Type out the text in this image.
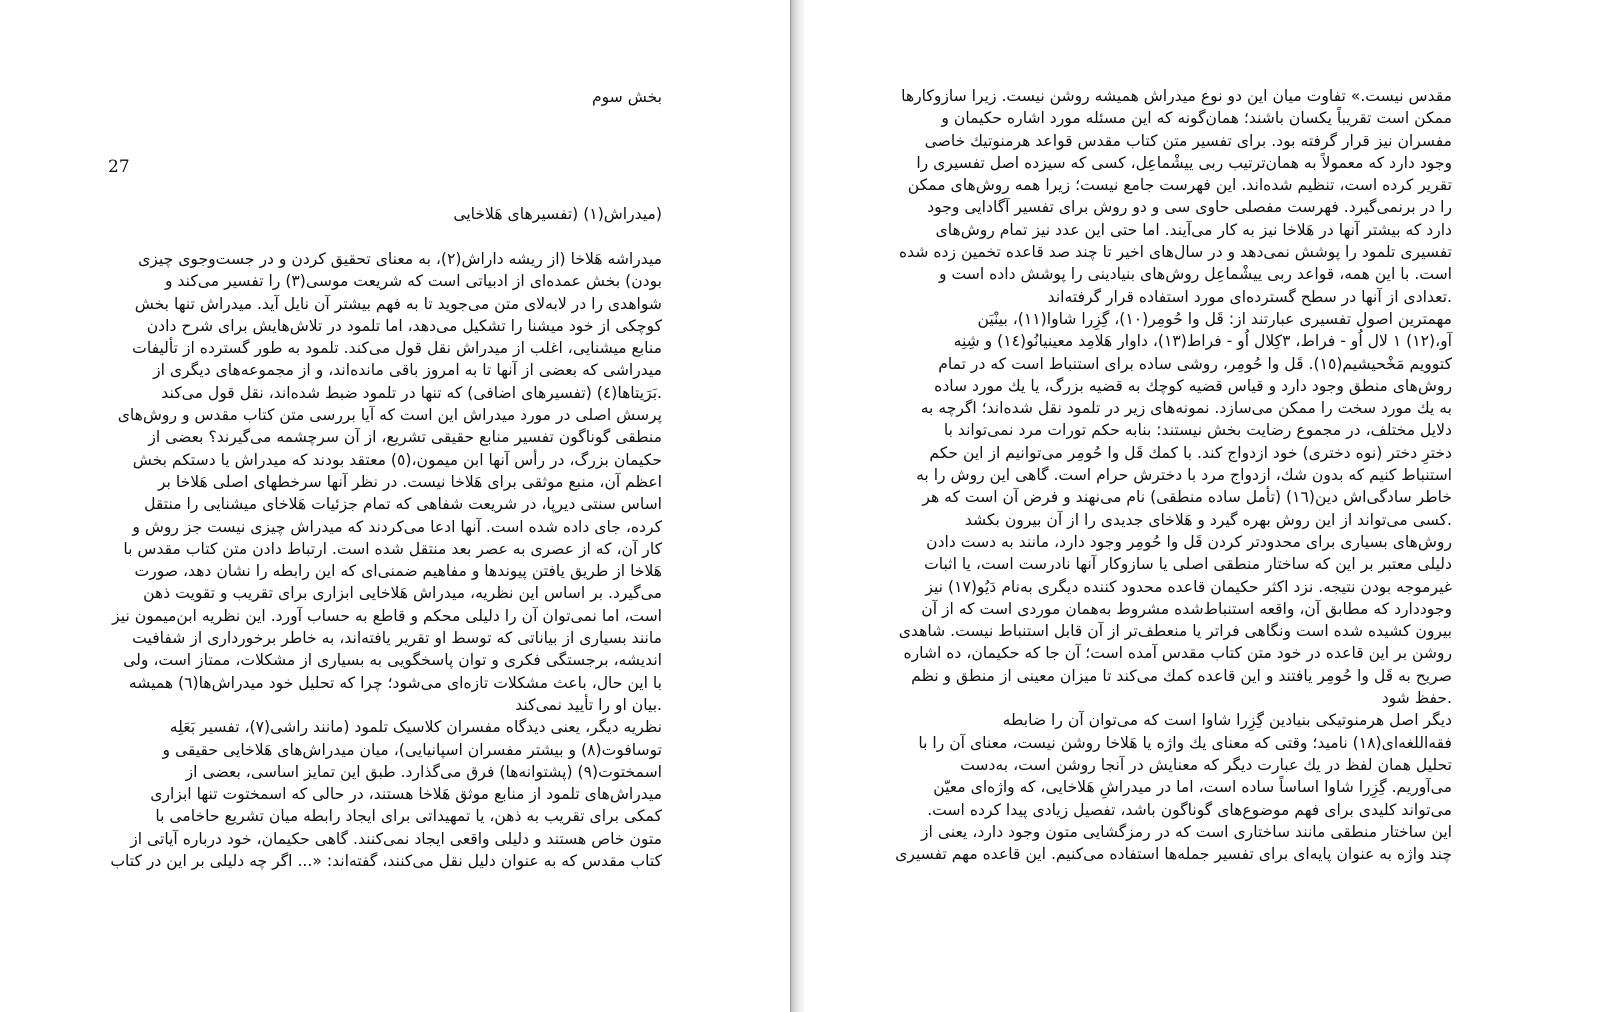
بخش سوم
27
(میدراش(۱) (تفسیرهای هَلاخایی
میدراشه هَلاخا (از ریشه داراش(۲)، به معنای تحقیق کردن و در جست‌وجوی چیزی
بودن) بخش عمده‌ای از ادبیاتی است که شریعت موسی(۳) را تفسیر می‌کند و
شواهدی را در لابه‌لای متن می‌جوید تا به فهم بیشتر آن نایل آید. میدراش تنها بخش
کوچکی از خود میشنا را تشکیل می‌دهد، اما تلمود در تلاش‌هایش برای شرح دادن
منابع میشنایی، اغلب از میدراش نقل قول می‌کند. تلمود به طور گسترده از تألیفات
میدراشی که بعضی از آنها تا به امروز باقی مانده‌اند، و از مجموعه‌های دیگری از
.بَرَیتاها(٤) (تفسیرهای اضافی) که تنها در تلمود ضبط شده‌اند، نقل قول می‌کند
پرسش اصلی در مورد میدراش این است که آیا بررسی متن کتاب مقدس و روش‌های
منطقی گوناگون تفسیر منابع حقیقی تشریع، از آن سرچشمه می‌گیرند؟ بعضی از
حکیمان بزرگ، در رأس آنها ابن میمون،(٥) معتقد بودند که میدراش یا دستکم بخش
اعظم آن، منبع موثقی برای هَلاخا نیست. در نظر آنها سرخطهای اصلی هَلاخا بر
اساس سنتی دیرپا، در شریعت شفاهی که تمام جزئیات هَلاخای میشنایی را منتقل
کرده، جای داده شده است. آنها ادعا می‌کردند که میدراش چیزی نیست جز روش و
کار آن، که از عصری به عصر بعد منتقل شده است. ارتباط دادن متن کتاب مقدس با
هَلاخا از طریق یافتن پیوندها و مفاهیم ضمنی‌ای که این رابطه را نشان دهد، صورت
می‌گیرد. بر اساس این نظریه، میدراش هَلاخایی ابزاری برای تقریب و تقویت ذهن
است، اما نمی‌توان آن را دلیلی محکم و قاطع به حساب آورد. این نظریه ابن‌میمون نیز
مانند بسیاری از بیاناتی که توسط او تقریر یافته‌اند، به خاطر برخورداری از شفافیت
اندیشه، برجستگی فکری و توان پاسخگویی به بسیاری از مشکلات، ممتاز است، ولی
با این حال، باعث مشکلات تازه‌ای می‌شود؛ چرا که تحلیل خود میدراش‌ها(٦) همیشه
.بیان او را تأیید نمی‌کند
نظریه دیگر، یعنی دیدگاه مفسران کلاسیک تلمود (مانند راشی(۷)، تفسیر بَعَلِه
توسافوت(۸) و بیشتر مفسران اسپانیایی)، میان میدراش‌های هَلاخایی حقیقی و
اسمختوت(۹) (پشتوانه‌ها) فرق می‌گذارد. طبق این تمایز اساسی، بعضی از
میدراش‌های تلمود از منابع موثق هَلاخا هستند، در حالی که اسمختوت تنها ابزاری
کمکی برای تقریب به ذهن، یا تمهیداتی برای ایجاد رابطه میان تشریع حاخامی با
متون خاص هستند و دلیلی واقعی ایجاد نمی‌کنند. گاهی حکیمان، خود درباره آیاتی از
کتاب مقدس که به عنوان دلیل نقل می‌کنند، گفته‌اند: «... اگر چه دلیلی بر این در کتاب
مقدس نیست.» تفاوت میان این دو نوع میدراش همیشه روشن نیست. زیرا سازوکارها
ممکن است تقریباً یکسان باشند؛ همان‌گونه که این مسئله مورد اشاره حکیمان و
مفسران نیز قرار گرفته بود. برای تفسیر متن کتاب مقدس قواعد هرمنوتیك خاصی
وجود دارد که معمولاً به همان‌ترتیب ربی ییشْماعِل، کسی که سیزده اصل تفسیری را
تقریر کرده است، تنظیم شده‌اند. این فهرست جامع نیست؛ زیرا همه روش‌های ممکن
را در برنمی‌گیرد. فهرست مفصلی حاوی سی و دو روش برای تفسیر آگادایی وجود
دارد که بیشتر آنها در هَلاخا نیز به کار می‌آیند. اما حتی این عدد نیز تمام روش‌های
تفسیری تلمود را پوشش نمی‌دهد و در سال‌های اخیر تا چند صد قاعده تخمین زده شده
است. با این همه، قواعد ربی ییشْماعِل روش‌های بنیادینی را پوشش داده است و
.تعدادی از آنها در سطح گسترده‌ای مورد استفاده قرار گرفته‌اند
مهمترین اصول تفسیری عبارتند از: قَل وا حُومِر(۱۰)، گِزِرا شاوا(۱۱)، بینْیَن
آو،(۱۲) ۱ لال اُو - فراط، ۳کِلال اُو - فراط(۱۳)، داوار هَلامِد معینیانُو(۱٤) و شِنِه
کتوویم مَخْحیشیم(۱٥). قَل وا حُومِر، روشی ساده برای استنباط است که در تمام
روش‌های منطق وجود دارد و قیاس قضیه کوچك به قضیه بزرگ، یا یك مورد ساده
به یك مورد سخت را ممکن می‌سازد. نمونه‌های زیر در تلمود نقل شده‌اند؛ اگرچه به
دلایل مختلف، در مجموع رضایت بخش نیستند: بنابه حکم تورات مرد نمی‌تواند با
دخترِ دختر (نوه دختری) خود ازدواج کند. با کمك قَل وا حُومِر می‌توانیم از این حکم
استنباط کنیم که بدون شك، ازدواج مرد با دخترش حرام است. گاهی این روش را به
خاطر سادگی‌اش دین(۱٦) (تأمل ساده منطقی) نام می‌نهند و فرض آن است که هر
.کسی می‌تواند از این روش بهره گیرد و هَلاخای جدیدی را از آن بیرون بکشد
روش‌های بسیاری برای محدودتر کردن قَل وا حُومِر وجود دارد، مانند به دست دادن
دلیلی معتبر بر این که ساختار منطقی اصلی یا سازوکار آنها نادرست است، یا اثبات
غیرموجه بودن نتیجه. نزد اکثر حکیمان قاعده محدود کننده دیگری به‌نام دَیُو(۱۷) نیز
وجوددارد که مطابق آن، واقعه استنباط‌شده مشروط به‌همان موردی است که از آن
بیرون کشیده شده است ونگاهی فراتر یا منعطف‌تر از آن قابل استنباط نیست. شاهدی
روشن بر این قاعده در خود متن کتاب مقدس آمده است؛ آن جا که حکیمان، ده اشاره
صریح به قَل وا حُومِر یافتند و این قاعده کمك می‌کند تا میزان معینی از منطق و نظم
.حفظ شود
دیگر اصل هرمنوتیکی بنیادین گِزِرا شاوا است که می‌توان آن را ضابطه
فقه‌اللغه‌ای(۱۸) نامید؛ وقتی که معنای یك واژه یا هَلاخا روشن نیست، معنای آن را با
تحلیل همان لفظ در یك عبارت دیگر که معنایش در آنجا روشن است، به‌دست
می‌آوریم. گِزِرا شاوا اساساً ساده است، اما در میدراشِ هَلاخایی، که واژه‌ای معیّن
می‌تواند کلیدی برای فهم موضوع‌های گوناگون باشد، تفصیل زیادی پیدا کرده است.
این ساختار منطقی مانند ساختاری است که در رمزگشایی متون وجود دارد، یعنی از
چند واژه به عنوان پایه‌ای برای تفسیر جمله‌ها استفاده می‌کنیم. این قاعده مهم تفسیری
